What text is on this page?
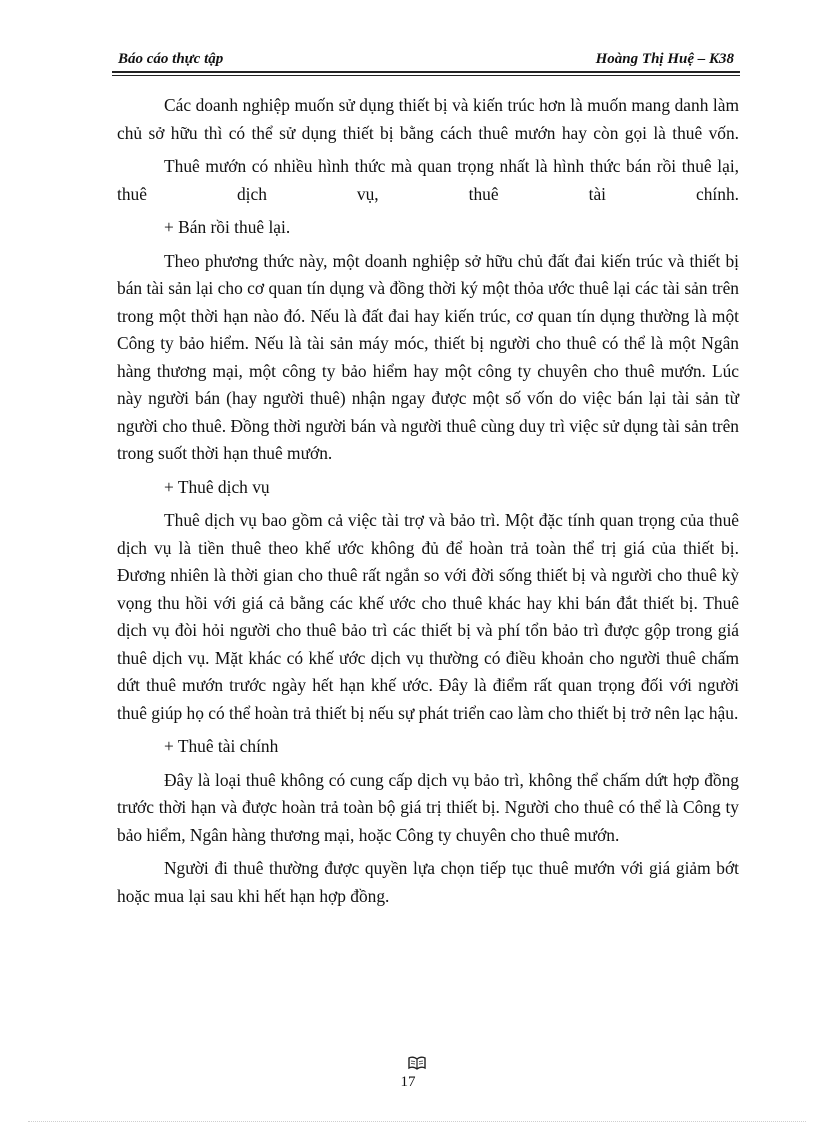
Báo cáo thực tập	Hoàng Thị Huệ – K38

Các doanh nghiệp muốn sử dụng thiết bị và kiến trúc hơn là muốn mang danh làm chủ sở hữu thì có thể sử dụng thiết bị bằng cách thuê mướn hay còn gọi là thuê vốn.

Thuê mướn có nhiều hình thức mà quan trọng nhất là hình thức bán rồi thuê lại, thuê dịch vụ, thuê tài chính.

+ Bán rồi thuê lại.

Theo phương thức này, một doanh nghiệp sở hữu chủ đất đai kiến trúc và thiết bị bán tài sản lại cho cơ quan tín dụng và đồng thời ký một thỏa ước thuê lại các tài sản trên trong một thời hạn nào đó. Nếu là đất đai hay kiến trúc, cơ quan tín dụng thường là một Công ty bảo hiểm. Nếu là tài sản máy móc, thiết bị người cho thuê có thể là một Ngân hàng thương mại, một công ty bảo hiểm hay một công ty chuyên cho thuê mướn. Lúc này người bán (hay người thuê) nhận ngay được một số vốn do việc bán lại tài sản từ người cho thuê. Đồng thời người bán và người thuê cùng duy trì việc sử dụng tài sản trên trong suốt thời hạn thuê mướn.

+ Thuê dịch vụ

Thuê dịch vụ bao gồm cả việc tài trợ và bảo trì. Một đặc tính quan trọng của thuê dịch vụ là tiền thuê theo khế ước không đủ để hoàn trả toàn thể trị giá của thiết bị. Đương nhiên là thời gian cho thuê rất ngắn so với đời sống thiết bị và người cho thuê kỳ vọng thu hồi với giá cả bằng các khế ước cho thuê khác hay khi bán đắt thiết bị. Thuê dịch vụ đòi hỏi người cho thuê bảo trì các thiết bị và phí tổn bảo trì được gộp trong giá thuê dịch vụ. Mặt khác có khế ước dịch vụ thường có điều khoản cho người thuê chấm dứt thuê mướn trước ngày hết hạn khế ước. Đây là điểm rất quan trọng đối với người thuê giúp họ có thể hoàn trả thiết bị nếu sự phát triển cao làm cho thiết bị trở nên lạc hậu.

+ Thuê tài chính

Đây là loại thuê không có cung cấp dịch vụ bảo trì, không thể chấm dứt hợp đồng trước thời hạn và được hoàn trả toàn bộ giá trị thiết bị. Người cho thuê có thể là Công ty bảo hiểm, Ngân hàng thương mại, hoặc Công ty chuyên cho thuê mướn.

Người đi thuê thường được quyền lựa chọn tiếp tục thuê mướn với giá giảm bớt hoặc mua lại sau khi hết hạn hợp đồng.

17
